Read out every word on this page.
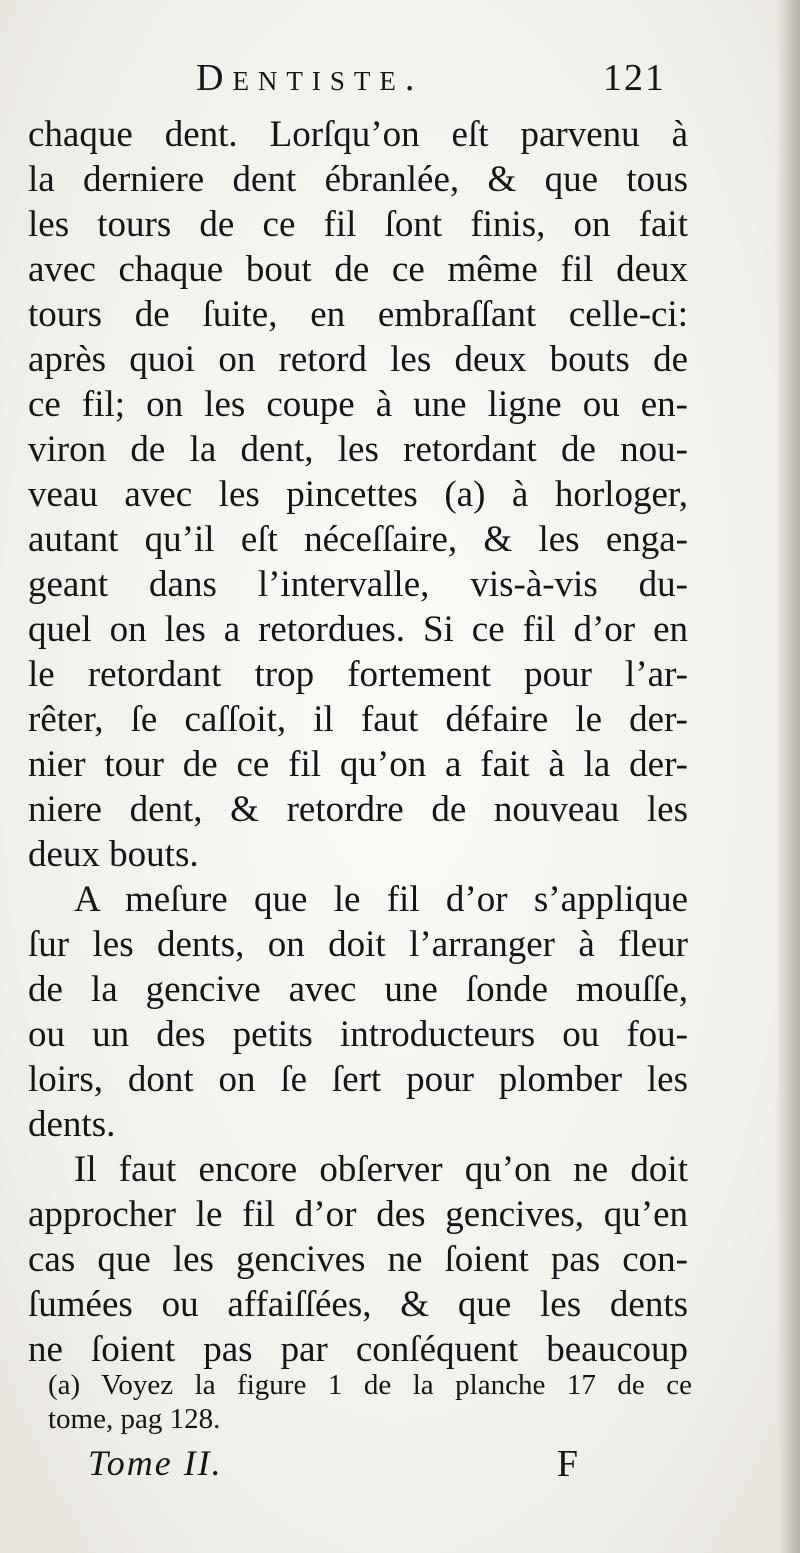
Dentiste.	121
chaque dent. Lorſqu’on eſt parvenu à
la derniere dent ébranlée, & que tous
les tours de ce fil ſont finis, on fait
avec chaque bout de ce même fil deux
tours de ſuite, en embraſſant celle-ci:
après quoi on retord les deux bouts de
ce fil; on les coupe à une ligne ou en-
viron de la dent, les retordant de nou-
veau avec les pincettes (a) à horloger,
autant qu’il eſt néceſſaire, & les enga-
geant dans l’intervalle, vis-à-vis du-
quel on les a retordues. Si ce fil d’or en
le retordant trop fortement pour l’ar-
rêter, ſe caſſoit, il faut défaire le der-
nier tour de ce fil qu’on a fait à la der-
niere dent, & retordre de nouveau les
deux bouts.
A meſure que le fil d’or s’applique
ſur les dents, on doit l’arranger à fleur
de la gencive avec une ſonde mouſſe,
ou un des petits introducteurs ou fou-
loirs, dont on ſe ſert pour plomber les
dents.
Il faut encore obſerver qu’on ne doit
approcher le fil d’or des gencives, qu’en
cas que les gencives ne ſoient pas con-
ſumées ou affaiſſées, & que les dents
ne ſoient pas par conſéquent beaucoup
(a) Voyez la figure 1 de la planche 17 de ce
tome, pag 128.
Tome II.	F
